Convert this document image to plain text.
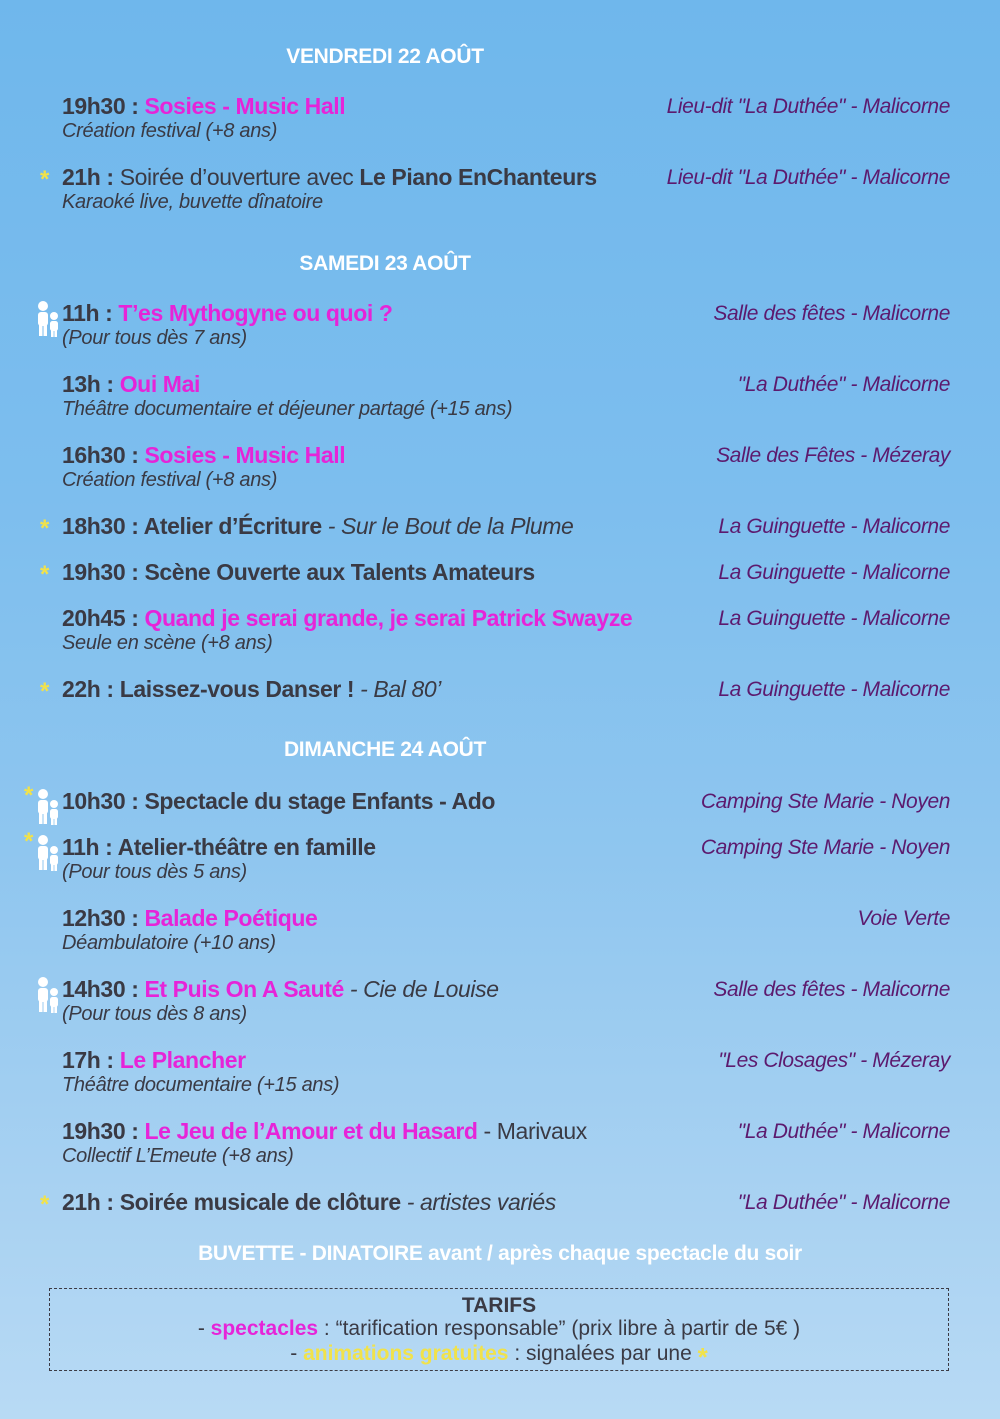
VENDREDI 22 AOÛT
19h30 : Sosies - Music Hall
Création festival (+8 ans)
Lieu-dit "La Duthée" - Malicorne
* 21h : Soirée d’ouverture avec Le Piano EnChanteurs
Karaoké live, buvette dînatoire
Lieu-dit "La Duthée" - Malicorne
SAMEDI 23 AOÛT
11h : T’es Mythogyne ou quoi ?
(Pour tous dès 7 ans)
Salle des fêtes - Malicorne
13h : Oui Mai
Théâtre documentaire et déjeuner partagé (+15 ans)
"La Duthée" - Malicorne
16h30 : Sosies - Music Hall
Création festival (+8 ans)
Salle des Fêtes - Mézeray
* 18h30 : Atelier d’Écriture - Sur le Bout de la Plume	La Guinguette - Malicorne
* 19h30 : Scène Ouverte aux Talents Amateurs	La Guinguette - Malicorne
20h45 : Quand je serai grande, je serai Patrick Swayze
Seule en scène (+8 ans)
La Guinguette - Malicorne
* 22h : Laissez-vous Danser ! - Bal 80’	La Guinguette - Malicorne
DIMANCHE 24 AOÛT
* 10h30 : Spectacle du stage Enfants - Ado	Camping Ste Marie - Noyen
* 11h : Atelier-théâtre en famille
(Pour tous dès 5 ans)
Camping Ste Marie - Noyen
12h30 : Balade Poétique
Déambulatoire (+10 ans)
Voie Verte
14h30 : Et Puis On A Sauté - Cie de Louise
(Pour tous dès 8 ans)
Salle des fêtes - Malicorne
17h : Le Plancher
Théâtre documentaire (+15 ans)
"Les Closages" - Mézeray
19h30 : Le Jeu de l’Amour et du Hasard - Marivaux
Collectif L’Emeute (+8 ans)
"La Duthée" - Malicorne
* 21h : Soirée musicale de clôture - artistes variés	"La Duthée" - Malicorne
BUVETTE - DINATOIRE avant / après chaque spectacle du soir
TARIFS
- spectacles : “tarification responsable” (prix libre à partir de 5€ )
- animations gratuites : signalées par une *
